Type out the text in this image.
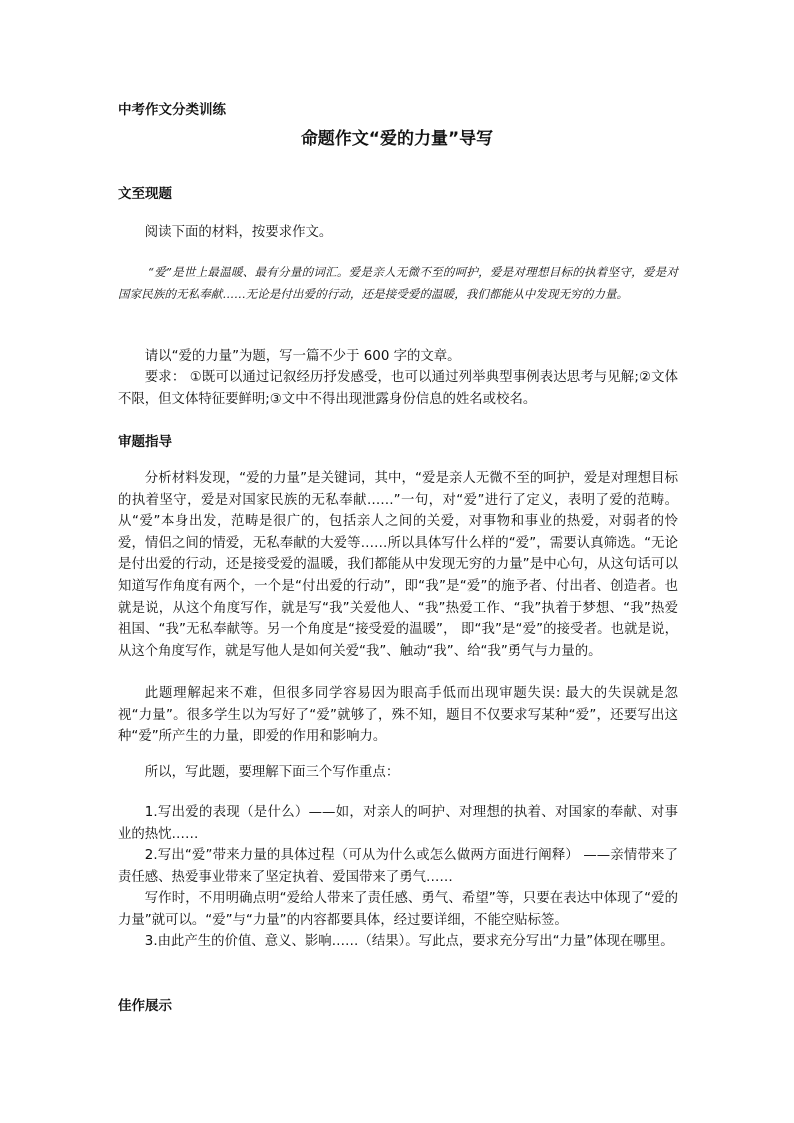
中考作文分类训练

命题作文“爱的力量”导写

文至现题

阅读下面的材料，按要求作文。

“爱”是世上最温暖、最有分量的词汇。爱是亲人无微不至的呵护，爱是对理想目标的执着坚守，爱是对国家民族的无私奉献……无论是付出爱的行动，还是接受爱的温暖，我们都能从中发现无穷的力量。

请以“爱的力量”为题，写一篇不少于 600 字的文章。

要求： ①既可以通过记叙经历抒发感受，也可以通过列举典型事例表达思考与见解;②文体不限，但文体特征要鲜明;③文中不得出现泄露身份信息的姓名或校名。

审题指导

分析材料发现，“爱的力量”是关键词，其中，“爱是亲人无微不至的呵护，爱是对理想目标的执着坚守，爱是对国家民族的无私奉献……”一句，对“爱”进行了定义，表明了爱的范畴。从“爱”本身出发，范畴是很广的，包括亲人之间的关爱，对事物和事业的热爱，对弱者的怜爱，情侣之间的情爱，无私奉献的大爱等……所以具体写什么样的“爱”，需要认真筛选。“无论是付出爱的行动，还是接受爱的温暖，我们都能从中发现无穷的力量”是中心句，从这句话可以知道写作角度有两个，一个是“付出爱的行动”，即“我”是“爱”的施予者、付出者、创造者。也就是说，从这个角度写作，就是写“我”关爱他人、“我”热爱工作、“我”执着于梦想、“我”热爱祖国、“我”无私奉献等。另一个角度是“接受爱的温暖”， 即“我”是“爱”的接受者。也就是说，从这个角度写作，就是写他人是如何关爱“我”、触动“我”、给“我”勇气与力量的。

此题理解起来不难，但很多同学容易因为眼高手低而出现审题失误: 最大的失误就是忽视“力量”。很多学生以为写好了“爱”就够了，殊不知，题目不仅要求写某种“爱”，还要写出这种“爱”所产生的力量，即爱的作用和影响力。

所以，写此题，要理解下面三个写作重点：

1.写出爱的表现（是什么）——如，对亲人的呵护、对理想的执着、对国家的奉献、对事业的热忱……

2.写出“爱”带来力量的具体过程（可从为什么或怎么做两方面进行阐释） ——亲情带来了责任感、热爱事业带来了坚定执着、爱国带来了勇气……

写作时，不用明确点明“爱给人带来了责任感、勇气、希望”等，只要在表达中体现了“爱的力量”就可以。“爱”与“力量”的内容都要具体，经过要详细，不能空贴标签。

3.由此产生的价值、意义、影响……（结果）。写此点，要求充分写出“力量”体现在哪里。

佳作展示
